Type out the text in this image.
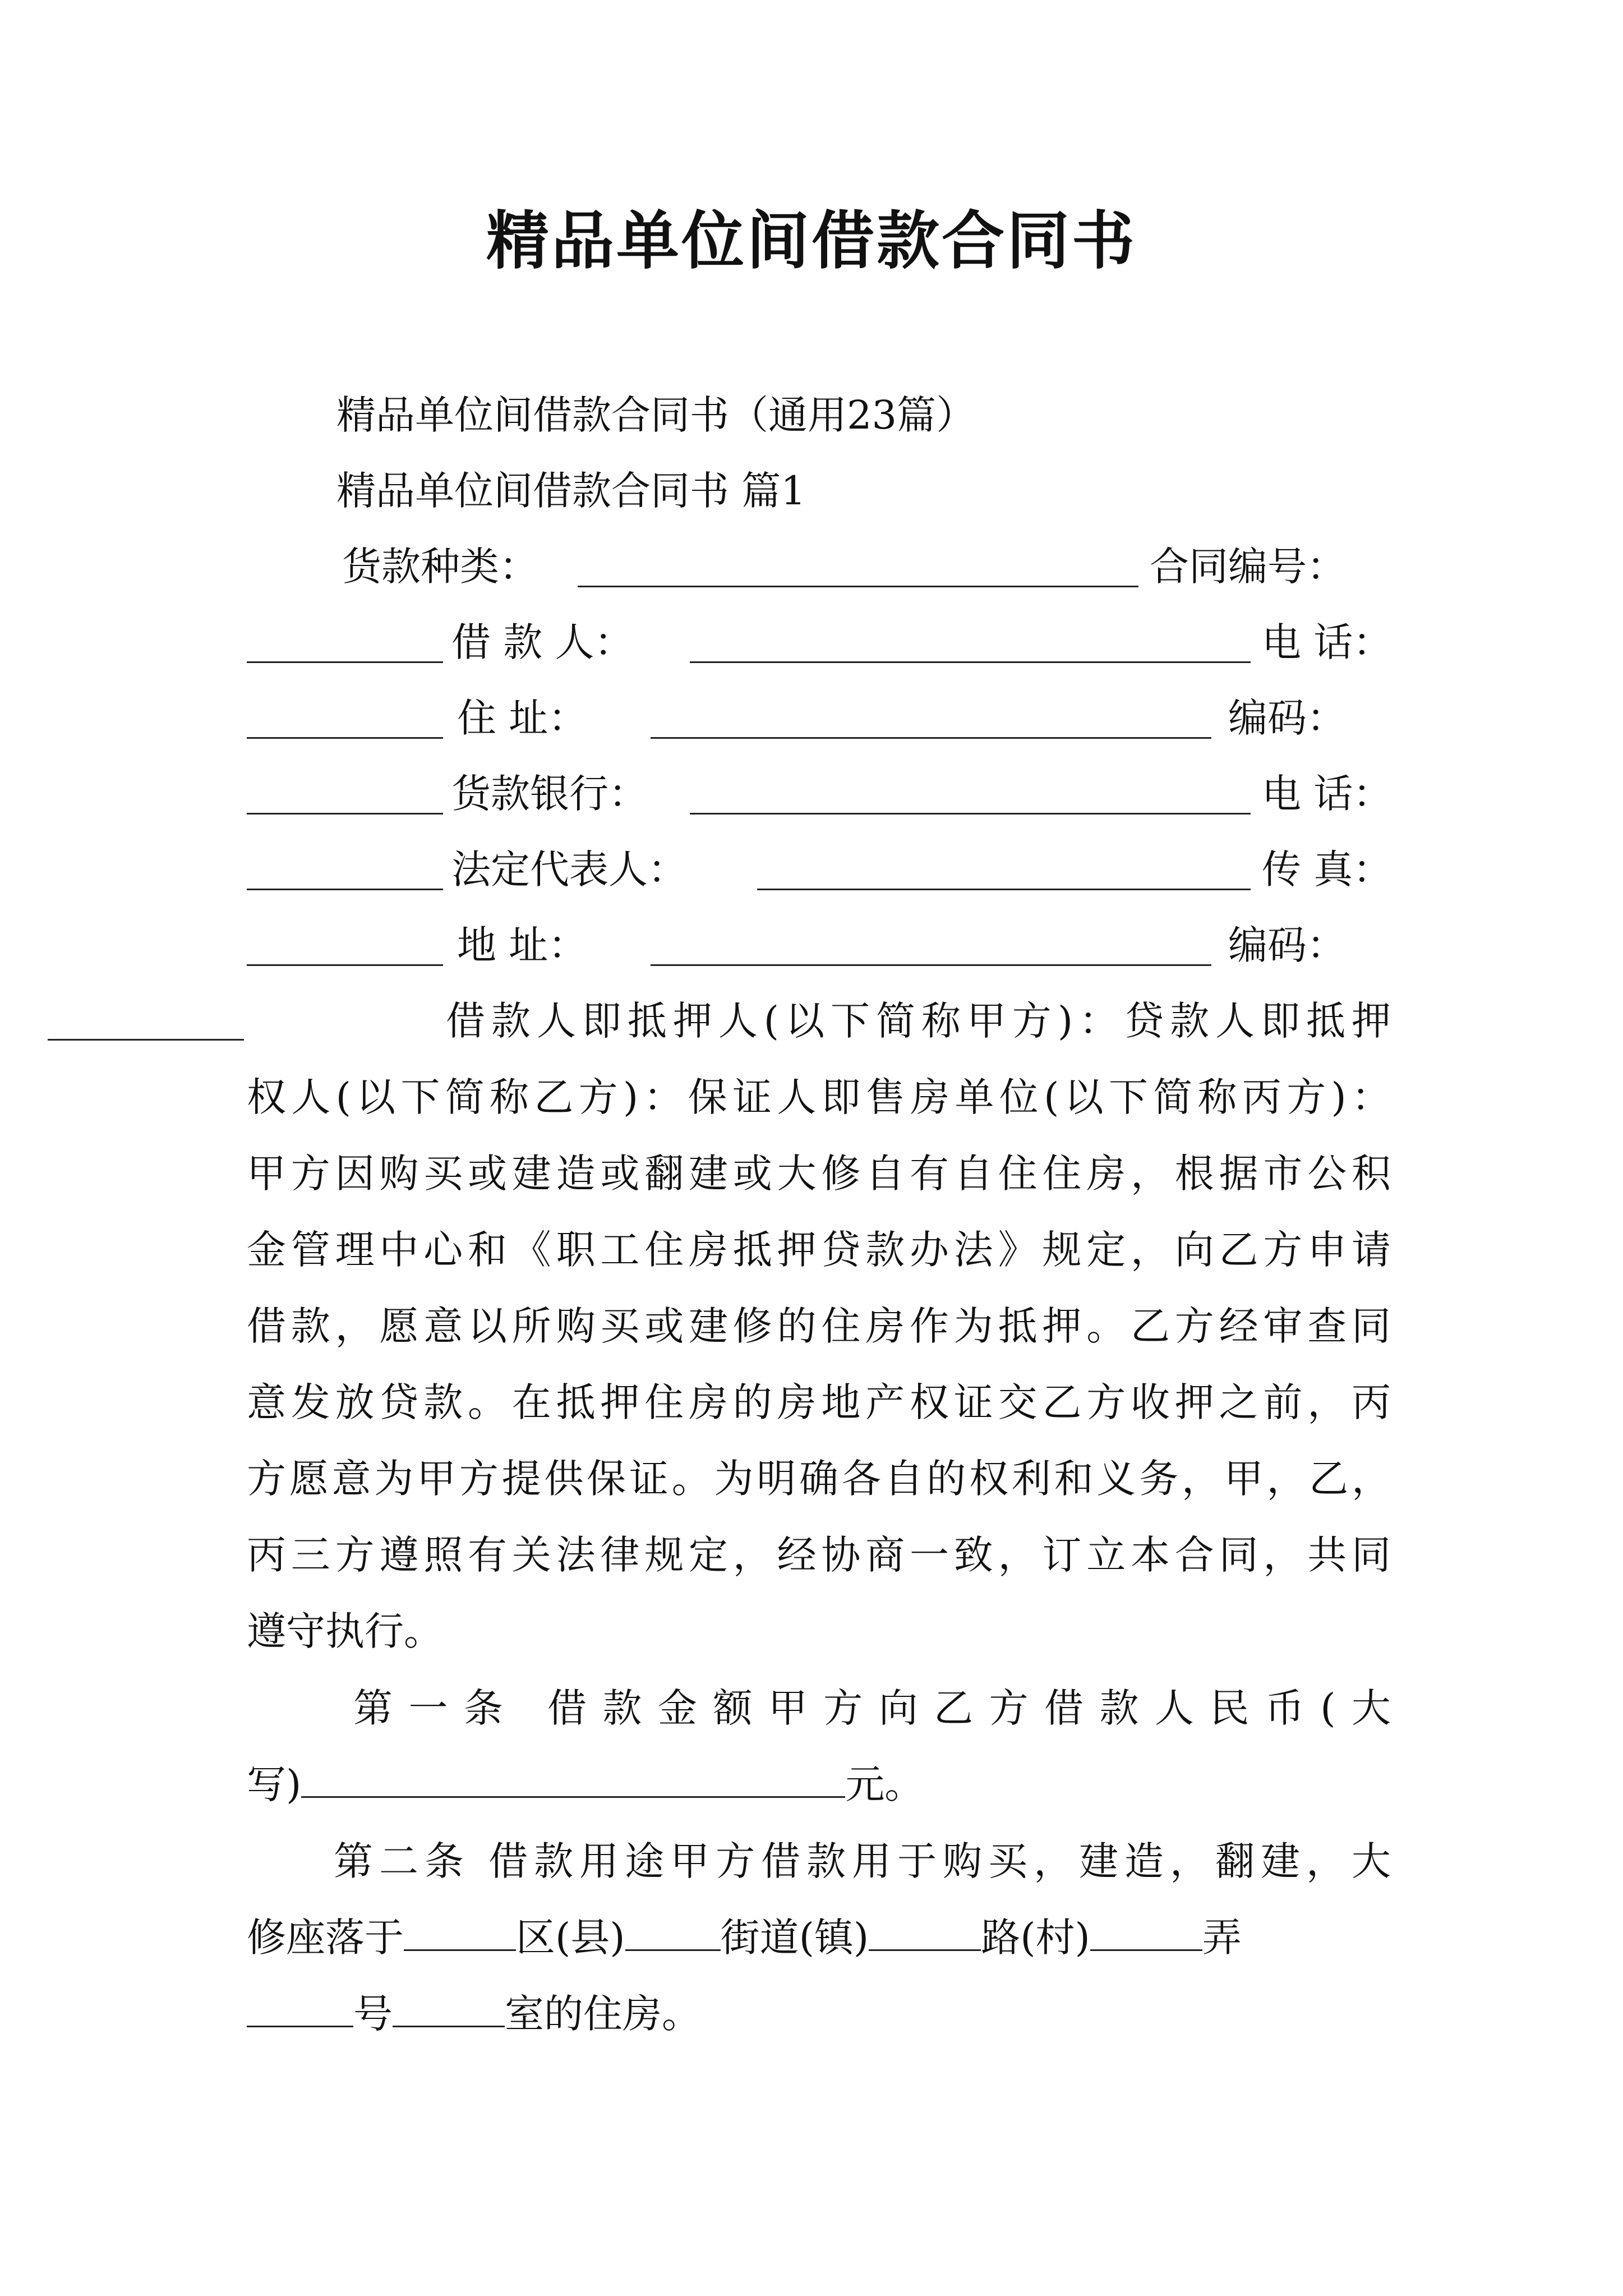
精品单位间借款合同书
精品单位间借款合同书（通用23篇）
精品单位间借款合同书 篇1
货款种类：	合同编号：
借 款 人：	电 话：
住 址：	编码：
货款银行：	电 话：
法定代表人：	传 真：
地 址：	编码：
借款人即抵押人(以下简称甲方)：贷款人即抵押
权人(以下简称乙方)：保证人即售房单位(以下简称丙方)：
甲方因购买或建造或翻建或大修自有自住住房，根据市公积
金管理中心和《职工住房抵押贷款办法》规定，向乙方申请
借款，愿意以所购买或建修的住房作为抵押。乙方经审查同
意发放贷款。在抵押住房的房地产权证交乙方收押之前，丙
方愿意为甲方提供保证。为明确各自的权利和义务，甲，乙，
丙三方遵照有关法律规定，经协商一致，订立本合同，共同
遵守执行。
第一条 借款金额甲方向乙方借款人民币(大
写)	元。
第二条 借款用途甲方借款用于购买，建造，翻建，大
修座落于	区(县) 街道(镇)	路(村)	弄
号	室的住房。
